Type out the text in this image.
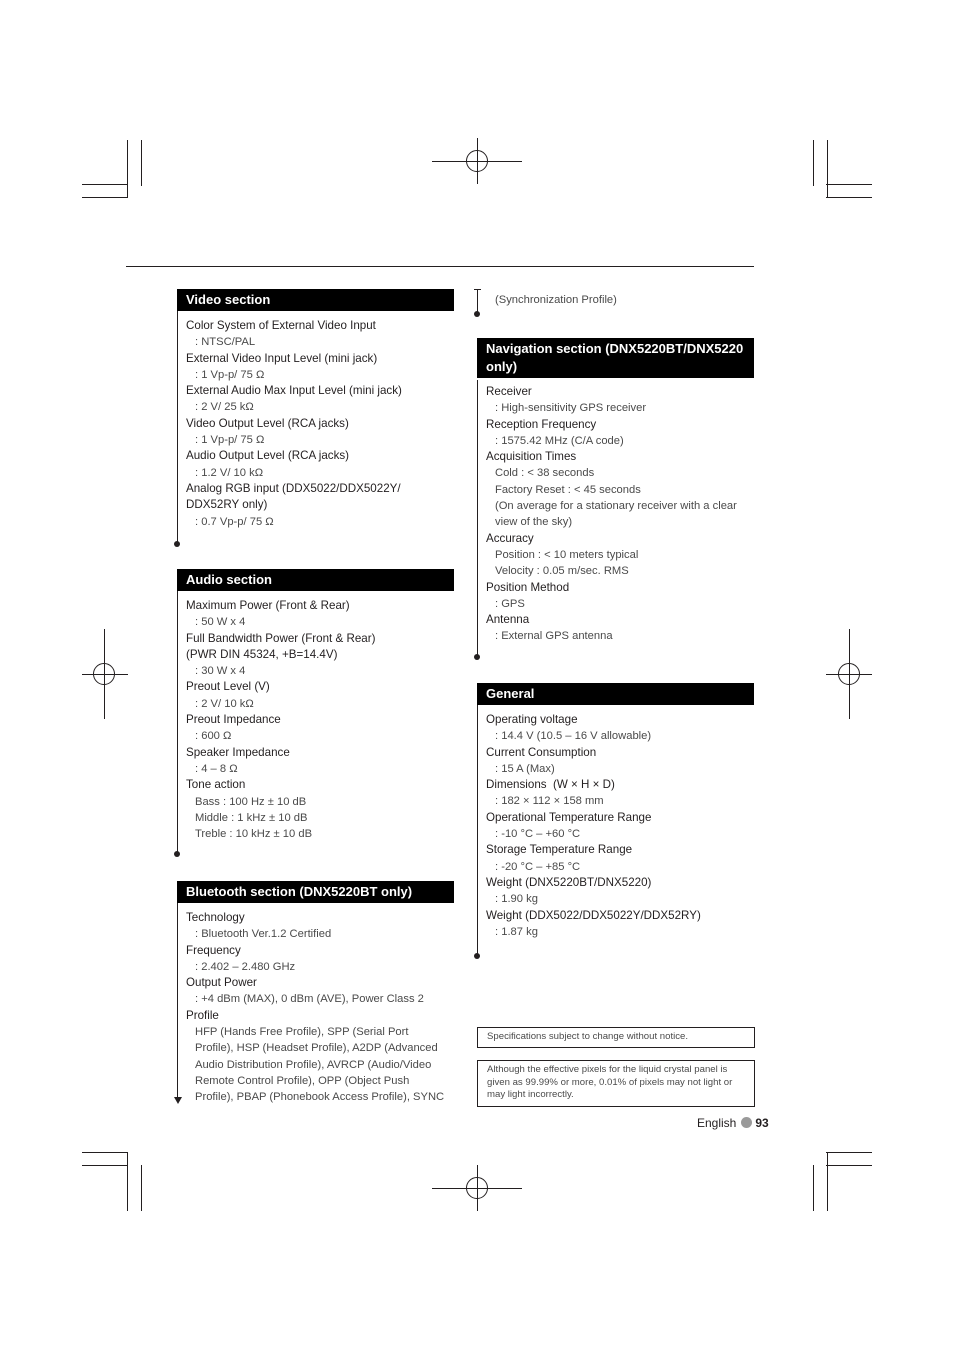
Video section
Color System of External Video Input
: NTSC/PAL
External Video Input Level (mini jack)
: 1 Vp-p/ 75 Ω
External Audio Max Input Level (mini jack)
: 2 V/ 25 kΩ
Video Output Level (RCA jacks)
: 1 Vp-p/ 75 Ω
Audio Output Level (RCA jacks)
: 1.2 V/ 10 kΩ
Analog RGB input (DDX5022/DDX5022Y/ DDX52RY only)
: 0.7 Vp-p/ 75 Ω
Audio section
Maximum Power (Front & Rear)
: 50 W x 4
Full Bandwidth Power (Front & Rear) (PWR DIN 45324, +B=14.4V)
: 30 W x 4
Preout Level (V)
: 2 V/ 10 kΩ
Preout Impedance
: 600 Ω
Speaker Impedance
: 4 – 8 Ω
Tone action
Bass : 100 Hz ± 10 dB
Middle : 1 kHz ± 10 dB
Treble : 10 kHz ± 10 dB
Bluetooth section (DNX5220BT only)
Technology
: Bluetooth Ver.1.2 Certified
Frequency
: 2.402 – 2.480 GHz
Output Power
: +4 dBm (MAX), 0 dBm (AVE), Power Class 2
Profile
HFP (Hands Free Profile), SPP (Serial Port Profile), HSP (Headset Profile), A2DP (Advanced Audio Distribution Profile), AVRCP (Audio/Video Remote Control Profile), OPP (Object Push Profile), PBAP (Phonebook Access Profile), SYNC
(Synchronization Profile)
Navigation section (DNX5220BT/DNX5220 only)
Receiver
: High-sensitivity GPS receiver
Reception Frequency
: 1575.42 MHz (C/A code)
Acquisition Times
Cold : < 38 seconds
Factory Reset : < 45 seconds
(On average for a stationary receiver with a clear view of the sky)
Accuracy
Position : < 10 meters typical
Velocity : 0.05 m/sec. RMS
Position Method
: GPS
Antenna
: External GPS antenna
General
Operating voltage
: 14.4 V (10.5 – 16 V allowable)
Current Consumption
: 15 A (Max)
Dimensions  (W × H × D)
: 182 × 112 × 158 mm
Operational Temperature Range
: -10 °C – +60 °C
Storage Temperature Range
: -20 °C – +85 °C
Weight (DNX5220BT/DNX5220)
: 1.90 kg
Weight (DDX5022/DDX5022Y/DDX52RY)
: 1.87 kg
Specifications subject to change without notice.
Although the effective pixels for the liquid crystal panel is given as 99.99% or more, 0.01% of pixels may not light or may light incorrectly.
English 93
